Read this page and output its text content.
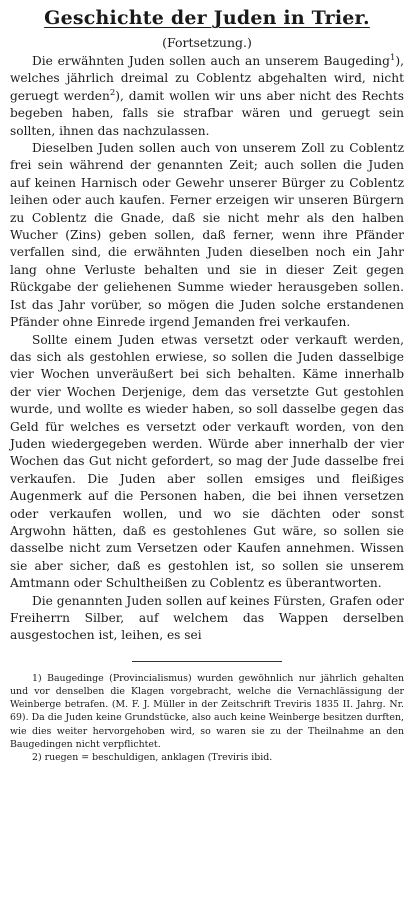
Geschichte der Juden in Trier.
(Fortsetzung.)

Die erwähnten Juden sollen auch an unserem Baugeding$^1$), welches jährlich dreimal zu Coblentz abgehalten wird, nicht geruegt werden$^2$), damit wollen wir uns aber nicht des Rechts begeben haben, falls sie strafbar wären und geruegt sein sollten, ihnen das nachzulassen.

Dieselben Juden sollen auch von unserem Zoll zu Coblentz frei sein während der genannten Zeit; auch sollen die Juden auf keinen Harnisch oder Gewehr unserer Bürger zu Coblentz leihen oder auch kaufen. Ferner erzeigen wir unseren Bürgern zu Coblentz die Gnade, daß sie nicht mehr als den halben Wucher (Zins) geben sollen, daß ferner, wenn ihre Pfänder verfallen sind, die erwähnten Juden dieselben noch ein Jahr lang ohne Verluste behalten und sie in dieser Zeit gegen Rückgabe der geliehenen Summe wieder herausgeben sollen. Ist das Jahr vorüber, so mögen die Juden solche erstandenen Pfänder ohne Einrede irgend Jemanden frei verkaufen.

Sollte einem Juden etwas versetzt oder verkauft werden, das sich als gestohlen erwiese, so sollen die Juden dasselbige vier Wochen unveräußert bei sich behalten. Käme innerhalb der vier Wochen Derjenige, dem das versetzte Gut gestohlen wurde, und wollte es wieder haben, so soll dasselbe gegen das Geld für welches es versetzt oder verkauft worden, von den Juden wiedergegeben werden. Würde aber innerhalb der vier Wochen das Gut nicht gefordert, so mag der Jude dasselbe frei verkaufen. Die Juden aber sollen emsiges und fleißiges Augenmerk auf die Personen haben, die bei ihnen versetzen oder verkaufen wollen, und wo sie dächten oder sonst Argwohn hätten, daß es gestohlenes Gut wäre, so sollen sie dasselbe nicht zum Versetzen oder Kaufen annehmen. Wissen sie aber sicher, daß es gestohlen ist, so sollen sie unserem Amtmann oder Schultheißen zu Coblentz es überantworten.

Die genannten Juden sollen auf keines Fürsten, Grafen oder Freiherrn Silber, auf welchem das Wappen derselben ausgestochen ist, leihen, es sei

1) Baugedinge (Provincialismus) wurden gewöhnlich nur jährlich gehalten und vor denselben die Klagen vorgebracht, welche die Vernachlässigung der Weinberge betrafen. (M. F. J. Müller in der Zeitschrift Treviris 1835 II. Jahrg. Nr. 69). Da die Juden keine Grundstücke, also auch keine Weinberge besitzen durften, wie dies weiter hervorgehoben wird, so waren sie zu der Theilnahme an den Baugedingen nicht verpflichtet.

2) ruegen = beschuldigen, anklagen (Treviris ibid.
